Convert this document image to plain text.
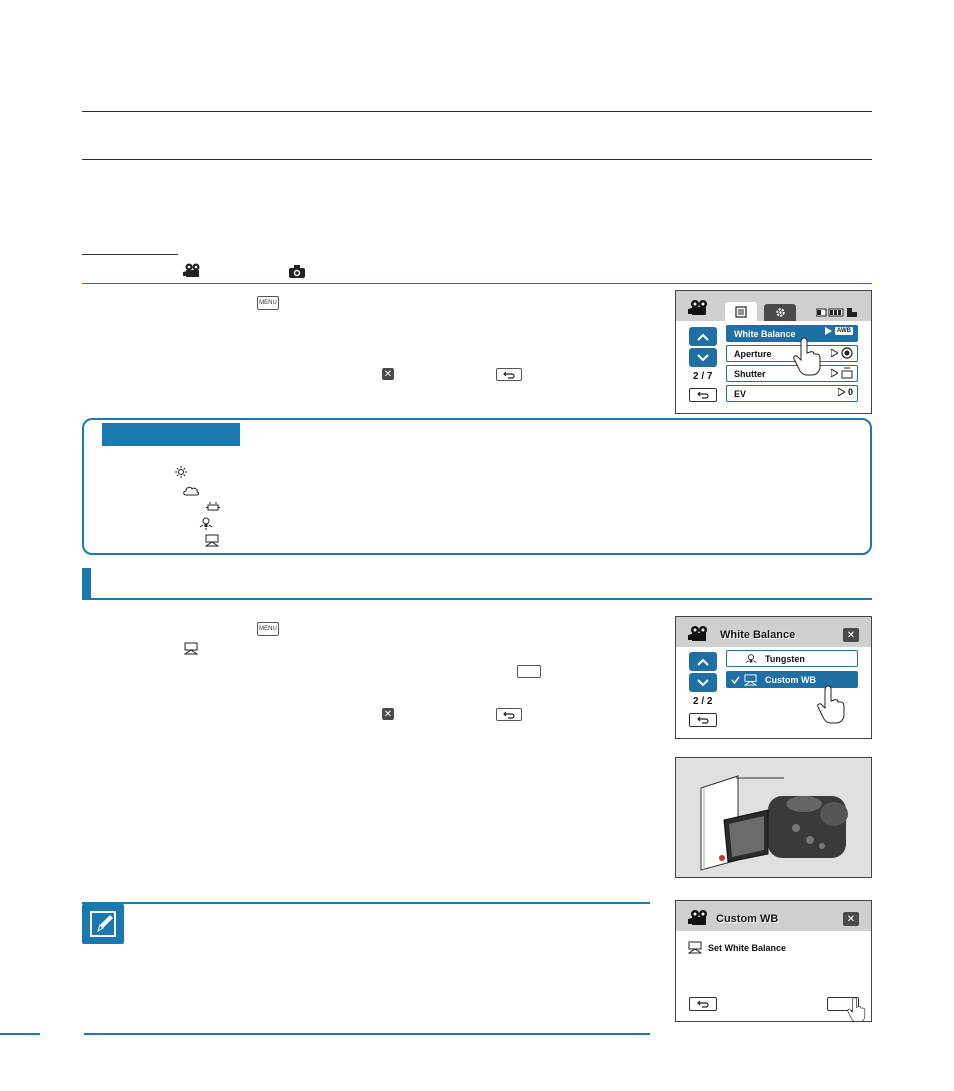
MENU
✕	2 / 7
White Balance	AWB
Aperture
Shutter
EV	0
MENU
✕
White Balance	✕
2 / 2
Tungsten
Custom WB
Custom WB	✕
Set White Balance
